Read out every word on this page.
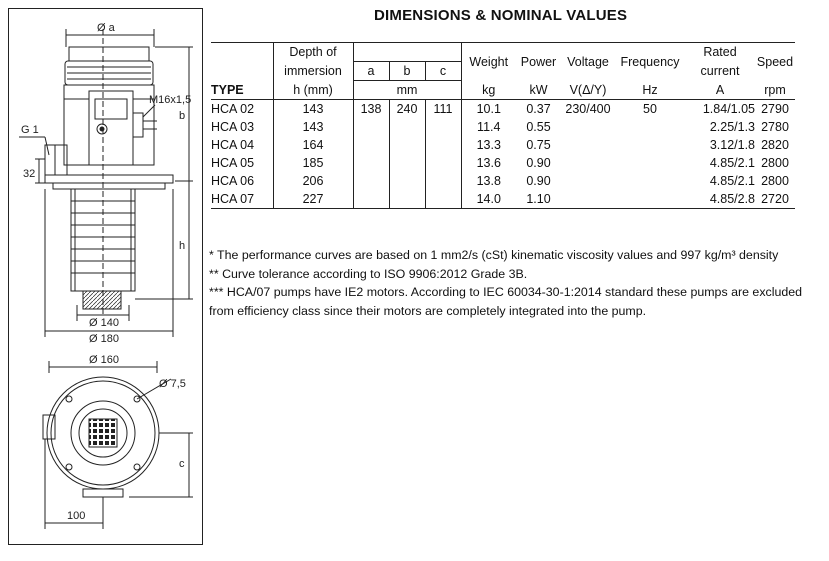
Ø a
M16x1,5
G 1
32
b
h
Ø 140
Ø 180
Ø 160
Ø 7,5
c
100
DIMENSIONS & NOMINAL VALUES
	Depth of				Weight	Power	Voltage	Frequency	Rated	Speed
	immersion	a	b	c					current	
TYPE	h (mm)	mm			kg	kW	V(Δ/Y)	Hz	A	rpm
HCA 02	143	138	240	111	10.1	0.37	230/400	50	1.84/1.05	2790
HCA 03	143				11.4	0.55			2.25/1.3	2780
HCA 04	164				13.3	0.75			3.12/1.8	2820
HCA 05	185				13.6	0.90			4.85/2.1	2800
HCA 06	206				13.8	0.90			4.85/2.1	2800
HCA 07	227				14.0	1.10			4.85/2.8	2720

* The performance curves are based on 1 mm2/s (cSt) kinematic viscosity values and 997 kg/m³ density

** Curve tolerance according to ISO 9906:2012 Grade 3B.

*** HCA/07 pumps have IE2 motors. According to IEC 60034-30-1:2014 standard these pumps are excluded from efficiency class since their motors are completely integrated into the pump.
